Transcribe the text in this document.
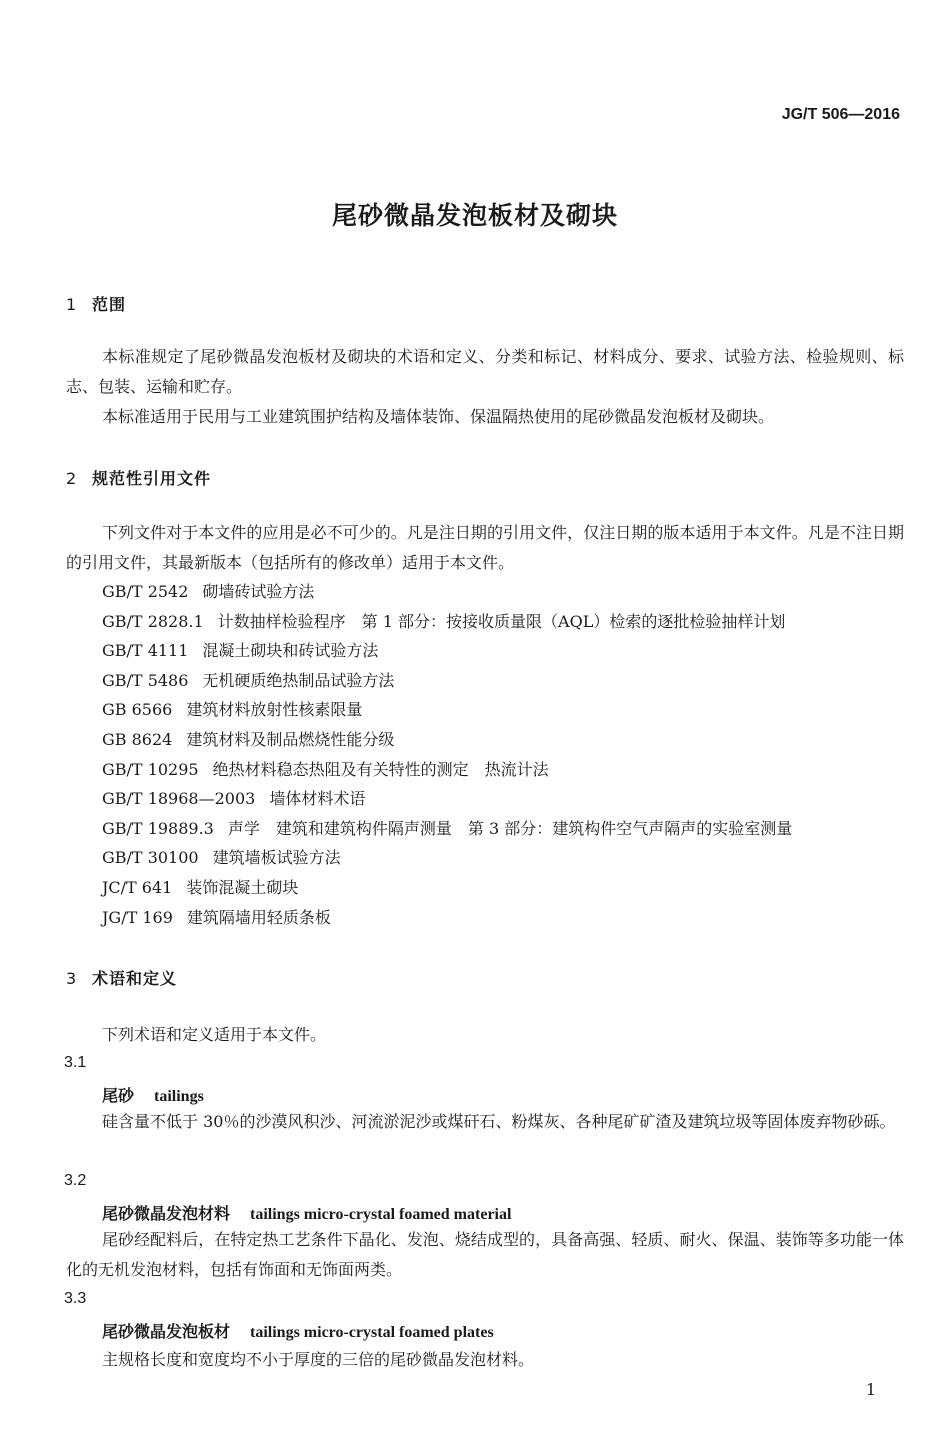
JG/T 506—2016
尾砂微晶发泡板材及砌块
1 范围

本标准规定了尾砂微晶发泡板材及砌块的术语和定义、分类和标记、材料成分、要求、试验方法、检验规则、标志、包装、运输和贮存。

本标准适用于民用与工业建筑围护结构及墙体装饰、保温隔热使用的尾砂微晶发泡板材及砌块。

2 规范性引用文件

下列文件对于本文件的应用是必不可少的。凡是注日期的引用文件，仅注日期的版本适用于本文件。凡是不注日期的引用文件，其最新版本（包括所有的修改单）适用于本文件。

GB/T 2542 砌墙砖试验方法
GB/T 2828.1 计数抽样检验程序　第 1 部分：按接收质量限（AQL）检索的逐批检验抽样计划
GB/T 4111 混凝土砌块和砖试验方法
GB/T 5486 无机硬质绝热制品试验方法
GB 6566 建筑材料放射性核素限量
GB 8624 建筑材料及制品燃烧性能分级
GB/T 10295 绝热材料稳态热阻及有关特性的测定　热流计法
GB/T 18968—2003 墙体材料术语
GB/T 19889.3 声学　建筑和建筑构件隔声测量　第 3 部分：建筑构件空气声隔声的实验室测量
GB/T 30100 建筑墙板试验方法
JC/T 641 装饰混凝土砌块
JG/T 169 建筑隔墙用轻质条板
3 术语和定义

下列术语和定义适用于本文件。

3.1
尾砂 tailings

硅含量不低于 30％的沙漠风积沙、河流淤泥沙或煤矸石、粉煤灰、各种尾矿矿渣及建筑垃圾等固体废弃物砂砾。

3.2
尾砂微晶发泡材料 tailings micro-crystal foamed material

尾砂经配料后，在特定热工艺条件下晶化、发泡、烧结成型的，具备高强、轻质、耐火、保温、装饰等多功能一体化的无机发泡材料，包括有饰面和无饰面两类。

3.3
尾砂微晶发泡板材 tailings micro-crystal foamed plates

主规格长度和宽度均不小于厚度的三倍的尾砂微晶发泡材料。

1
